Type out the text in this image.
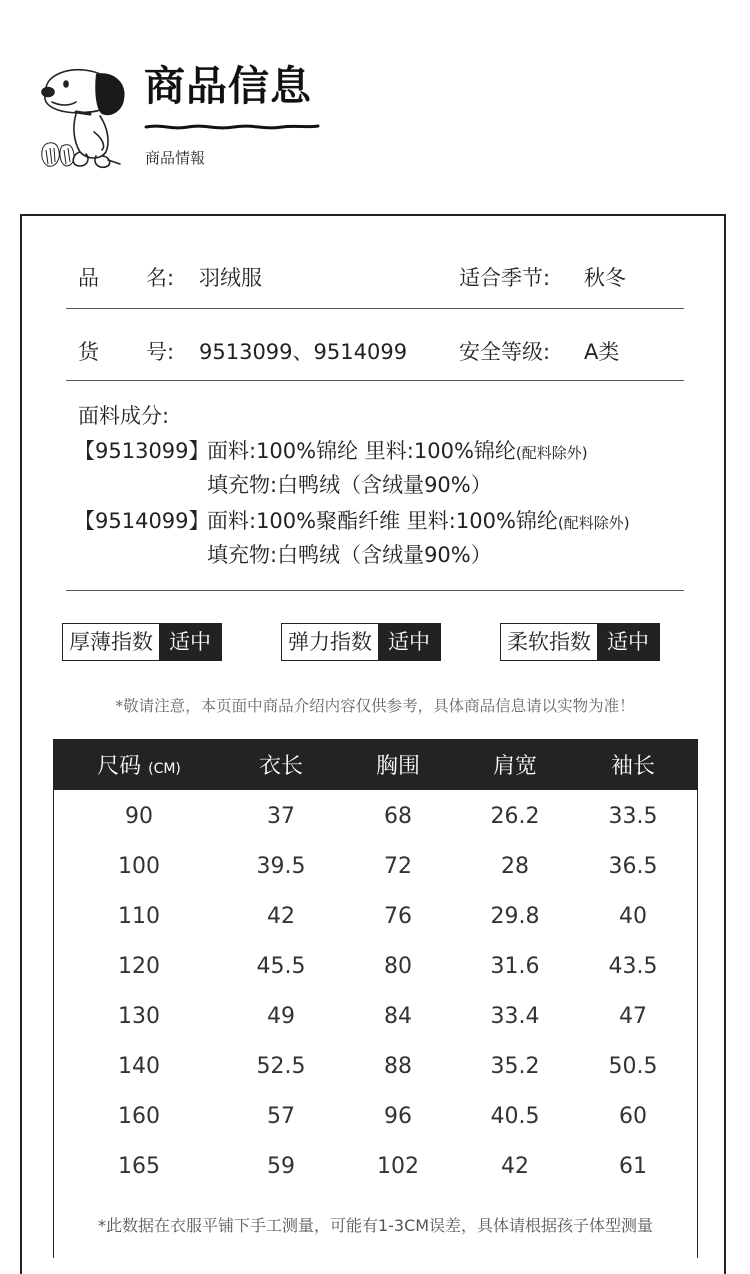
商品信息
商品情報
品 名: 羽绒服	适合季节: 秋冬
货 号: 9513099、9514099 安全等级: A类
面料成分:
【9513099】
面料:100%锦纶 里料:100%锦纶(配料除外)
填充物:白鸭绒（含绒量90%）
【9514099】
面料:100%聚酯纤维 里料:100%锦纶(配料除外)
填充物:白鸭绒（含绒量90%）
厚薄指数 适中	弹力指数 适中	柔软指数 适中
*敬请注意，本页面中商品介绍内容仅供参考，具体商品信息请以实物为准！
尺码 (CM)	衣长	胸围	肩宽	袖长
90	37	68	26.2	33.5
100	39.5	72	28	36.5
110	42	76	29.8	40
120	45.5	80	31.6	43.5
130	49	84	33.4	47
140	52.5	88	35.2	50.5
160	57	96	40.5	60
165	59	102	42	61
*此数据在衣服平铺下手工测量，可能有1-3CM误差，具体请根据孩子体型测量
